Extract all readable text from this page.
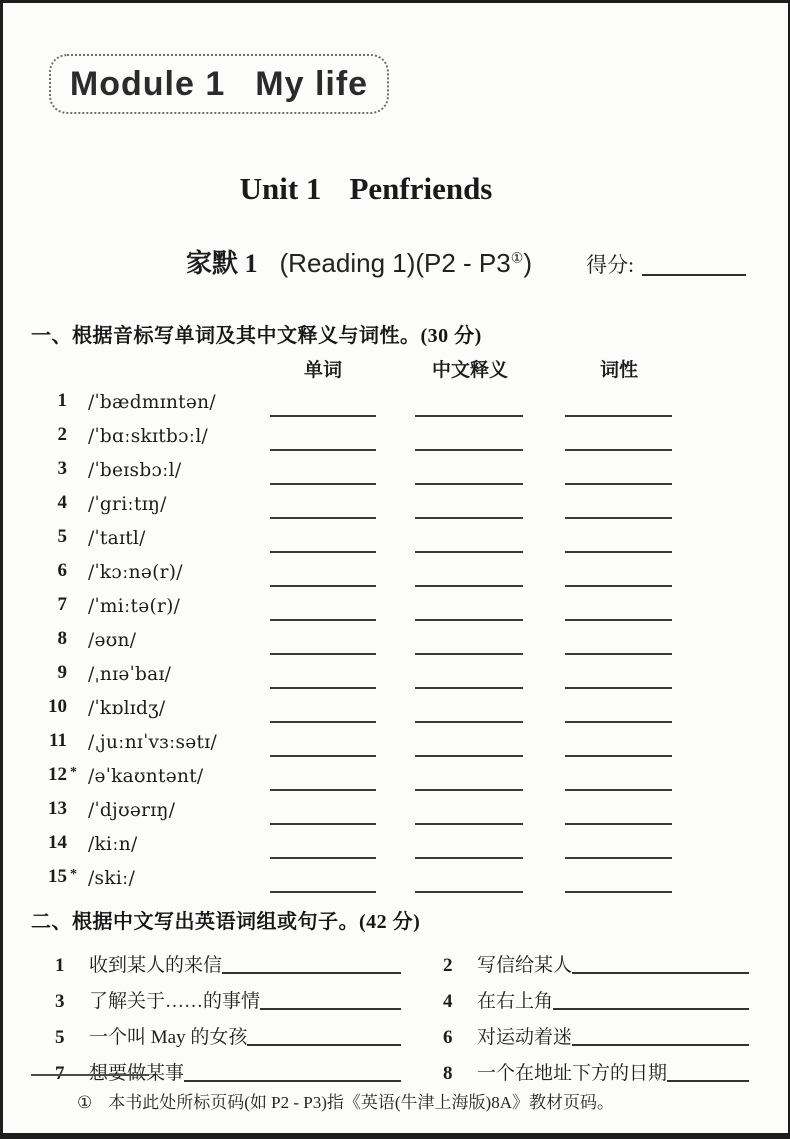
Module 1 My life
Unit 1 Penfriends
家默 1 (Reading 1)(P2 - P3①)	得分:
一、根据音标写单词及其中文释义与词性。(30 分)
单词	中文释义	词性
1 /ˈbædmɪntən/
2 /ˈbɑːskɪtbɔːl/
3 /ˈbeɪsbɔːl/
4 /ˈgriːtɪŋ/
5 /ˈtaɪtl/
6 /ˈkɔːnə(r)/
7 /ˈmiːtə(r)/
8 /əʊn/
9 /ˌnɪəˈbaɪ/
10 /ˈkɒlɪdʒ/
11 /ˌjuːnɪˈvɜːsətɪ/
12 * /əˈkaʊntənt/
13 /ˈdjʊərɪŋ/
14 /kiːn/
15 * /skiː/
二、根据中文写出英语词组或句子。(42 分)
1	收到某人的来信	2	写信给某人
3	了解关于……的事情	4	在右上角
5	一个叫 May 的女孩	6	对运动着迷
7	想要做某事	8	一个在地址下方的日期
① 本书此处所标页码(如 P2 - P3)指《英语(牛津上海版)8A》教材页码。
